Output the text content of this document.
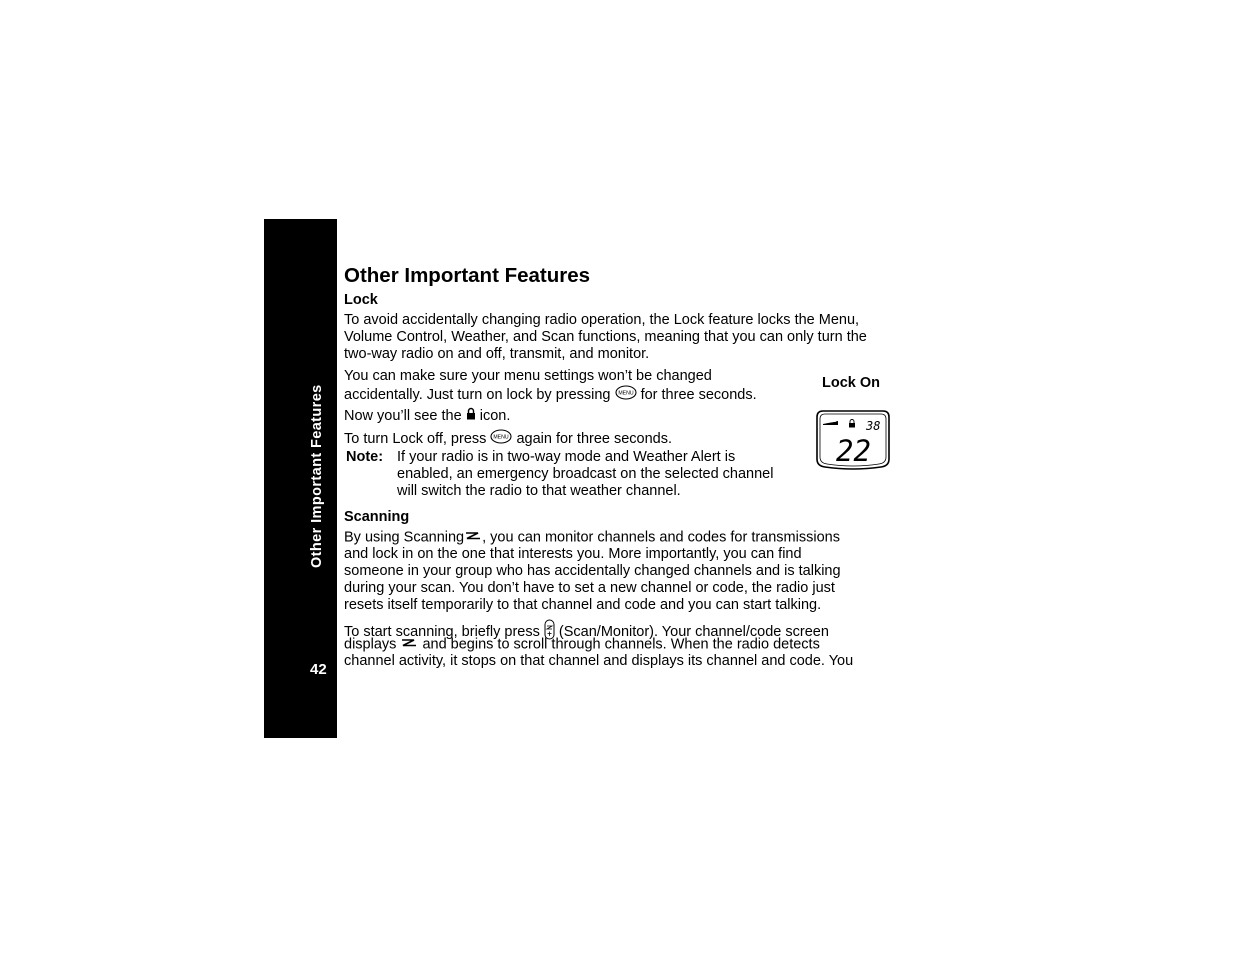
Other Important Features
42
Other Important Features
Lock
To avoid accidentally changing radio operation, the Lock feature locks the Menu,
Volume Control, Weather, and Scan functions, meaning that you can only turn the
two-way radio on and off, transmit, and monitor.
You can make sure your menu settings won’t be changed
accidentally. Just turn on lock by pressing MENU for three seconds.
Now you’ll see the icon.
To turn Lock off, press MENU again for three seconds.
Note: If your radio is in two-way mode and Weather Alert is
enabled, an emergency broadcast on the selected channel
will switch the radio to that weather channel.
Lock On
38
22
Scanning
By using Scanning , you can monitor channels and codes for transmissions
and lock in on the one that interests you. More importantly, you can find
someone in your group who has accidentally changed channels and is talking
during your scan. You don’t have to set a new channel or code, the radio just
resets itself temporarily to that channel and code and you can start talking.
To start scanning, briefly press (Scan/Monitor). Your channel/code screen
displays and begins to scroll through channels. When the radio detects
channel activity, it stops on that channel and displays its channel and code. You
